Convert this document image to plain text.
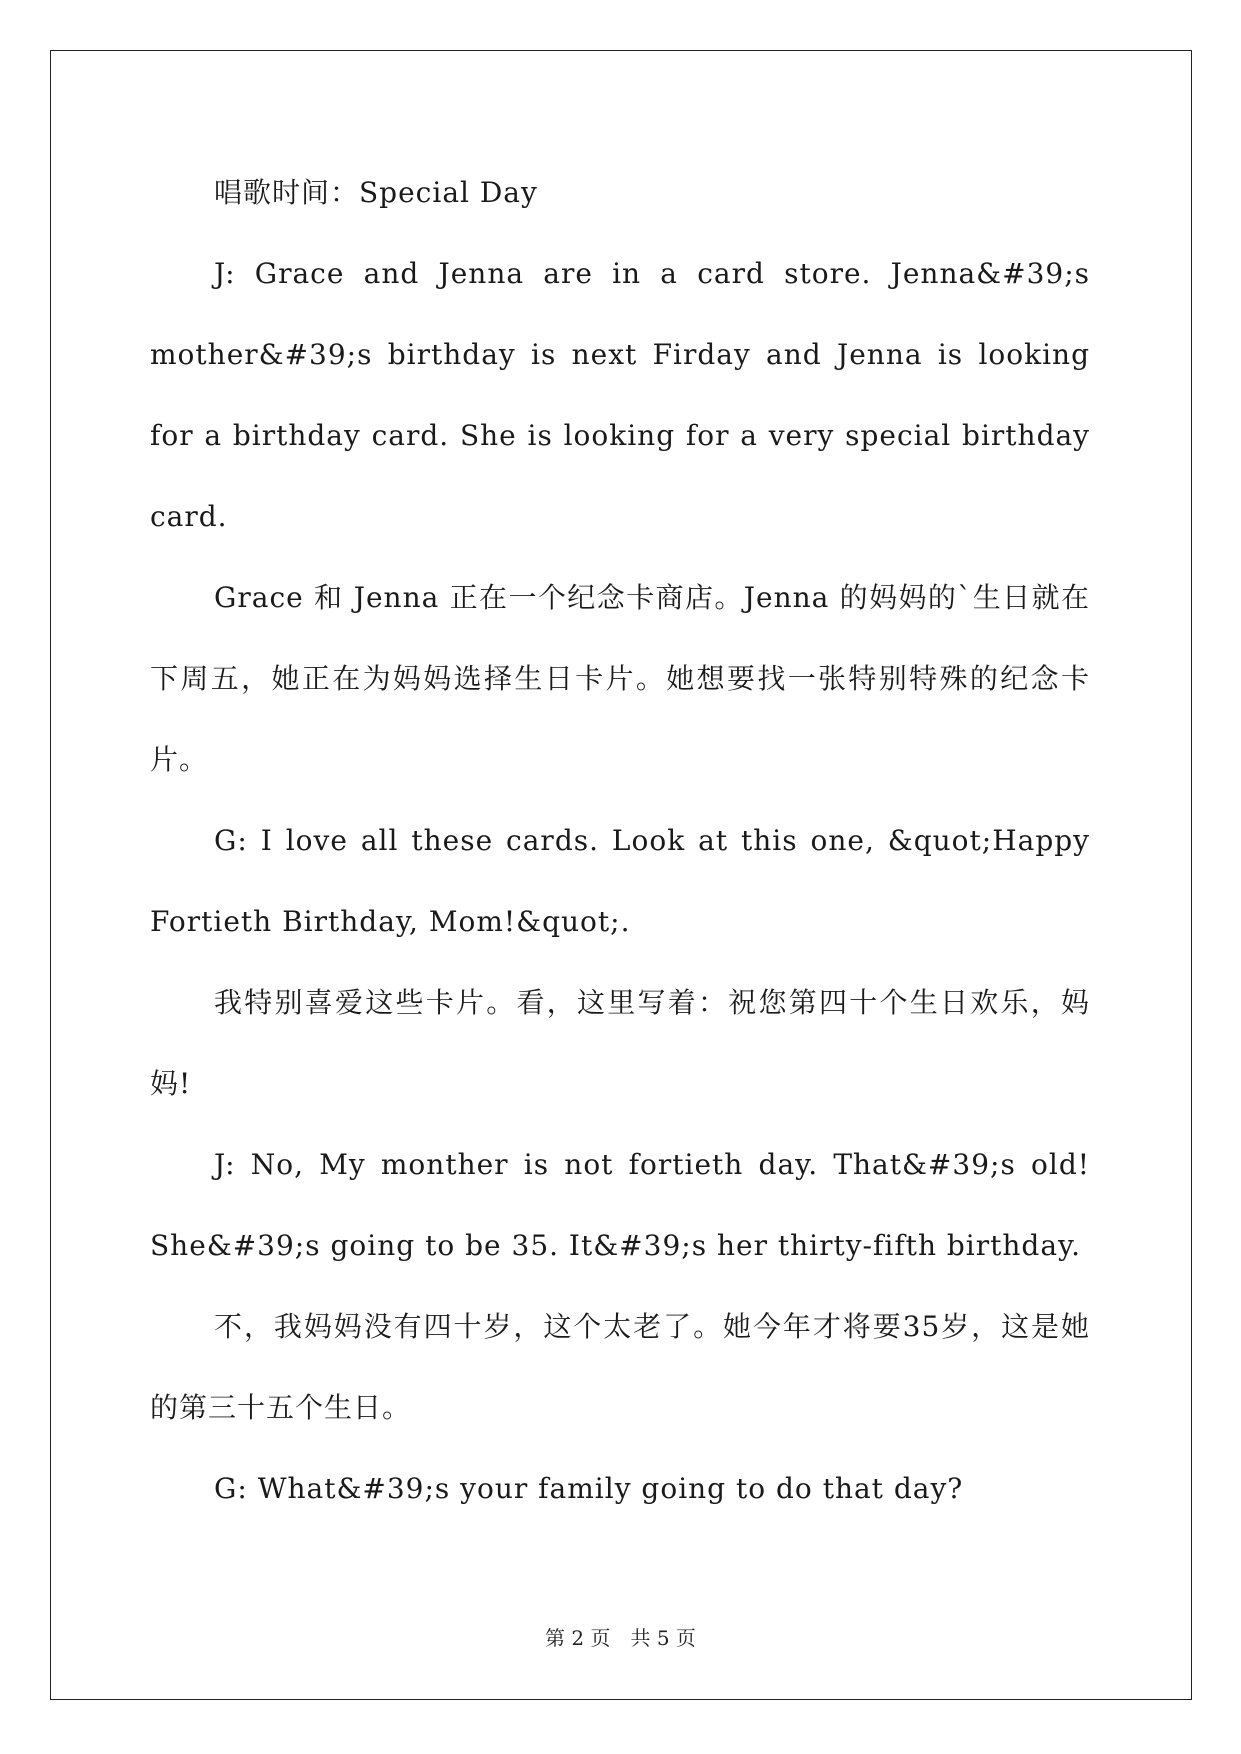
唱歌时间：Special Day

J: Grace and Jenna are in a card store. Jenna&#39;s mother&#39;s birthday is next Firday and Jenna is looking for a birthday card. She is looking for a very special birthday card.

Grace 和 Jenna 正在一个纪念卡商店。Jenna 的妈妈的`生日就在下周五，她正在为妈妈选择生日卡片。她想要找一张特别特殊的纪念卡片。

G: I love all these cards. Look at this one, &quot;Happy Fortieth Birthday, Mom!&quot;.

我特别喜爱这些卡片。看，这里写着：祝您第四十个生日欢乐，妈妈!

J: No, My monther is not fortieth day. That&#39;s old! She&#39;s going to be 35. It&#39;s her thirty-fifth birthday.

不，我妈妈没有四十岁，这个太老了。她今年才将要35岁，这是她的第三十五个生日。

G: What&#39;s your family going to do that day?

第 2 页　共 5 页
